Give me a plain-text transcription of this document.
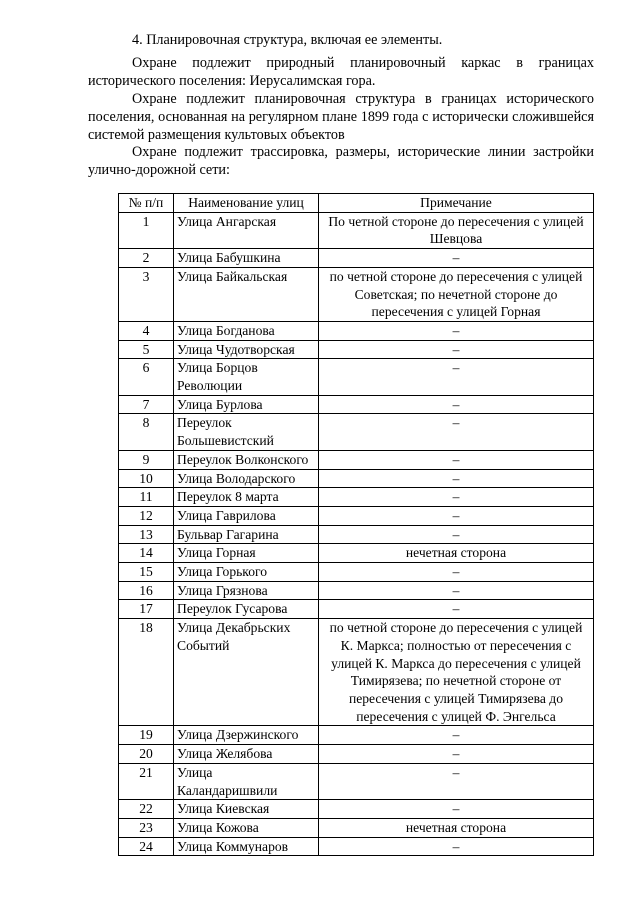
4. Планировочная структура, включая ее элементы.

Охране подлежит природный планировочный каркас в границах исторического поселения: Иерусалимская гора.

Охране подлежит планировочная структура в границах исторического поселения, основанная на регулярном плане 1899 года с исторически сложившейся системой размещения культовых объектов

Охране подлежит трассировка, размеры, исторические линии застройки улично-дорожной сети:

№ п/п	Наименование улиц	Примечание
1	Улица Ангарская	По четной стороне до пересечения с улицей Шевцова
2	Улица Бабушкина	–
3	Улица Байкальская	по четной стороне до пересечения с улицей Советская; по нечетной стороне до пересечения с улицей Горная
4	Улица Богданова	–
5	Улица Чудотворская	–
6	Улица Борцов Революции	–
7	Улица Бурлова	–
8	Переулок Большевистский	–
9	Переулок Волконского	–
10	Улица Володарского	–
11	Переулок 8 марта	–
12	Улица Гаврилова	–
13	Бульвар Гагарина	–
14	Улица Горная	нечетная сторона
15	Улица Горького	–
16	Улица Грязнова	–
17	Переулок Гусарова	–
18	Улица Декабрьских Событий	по четной стороне до пересечения с улицей К. Маркса; полностью от пересечения с улицей К. Маркса до пересечения с улицей Тимирязева; по нечетной стороне от пересечения с улицей Тимирязева до пересечения с улицей Ф. Энгельса
19	Улица Дзержинского	–
20	Улица Желябова	–
21	Улица Каландаришвили	–
22	Улица Киевская	–
23	Улица Кожова	нечетная сторона
24	Улица Коммунаров	–
